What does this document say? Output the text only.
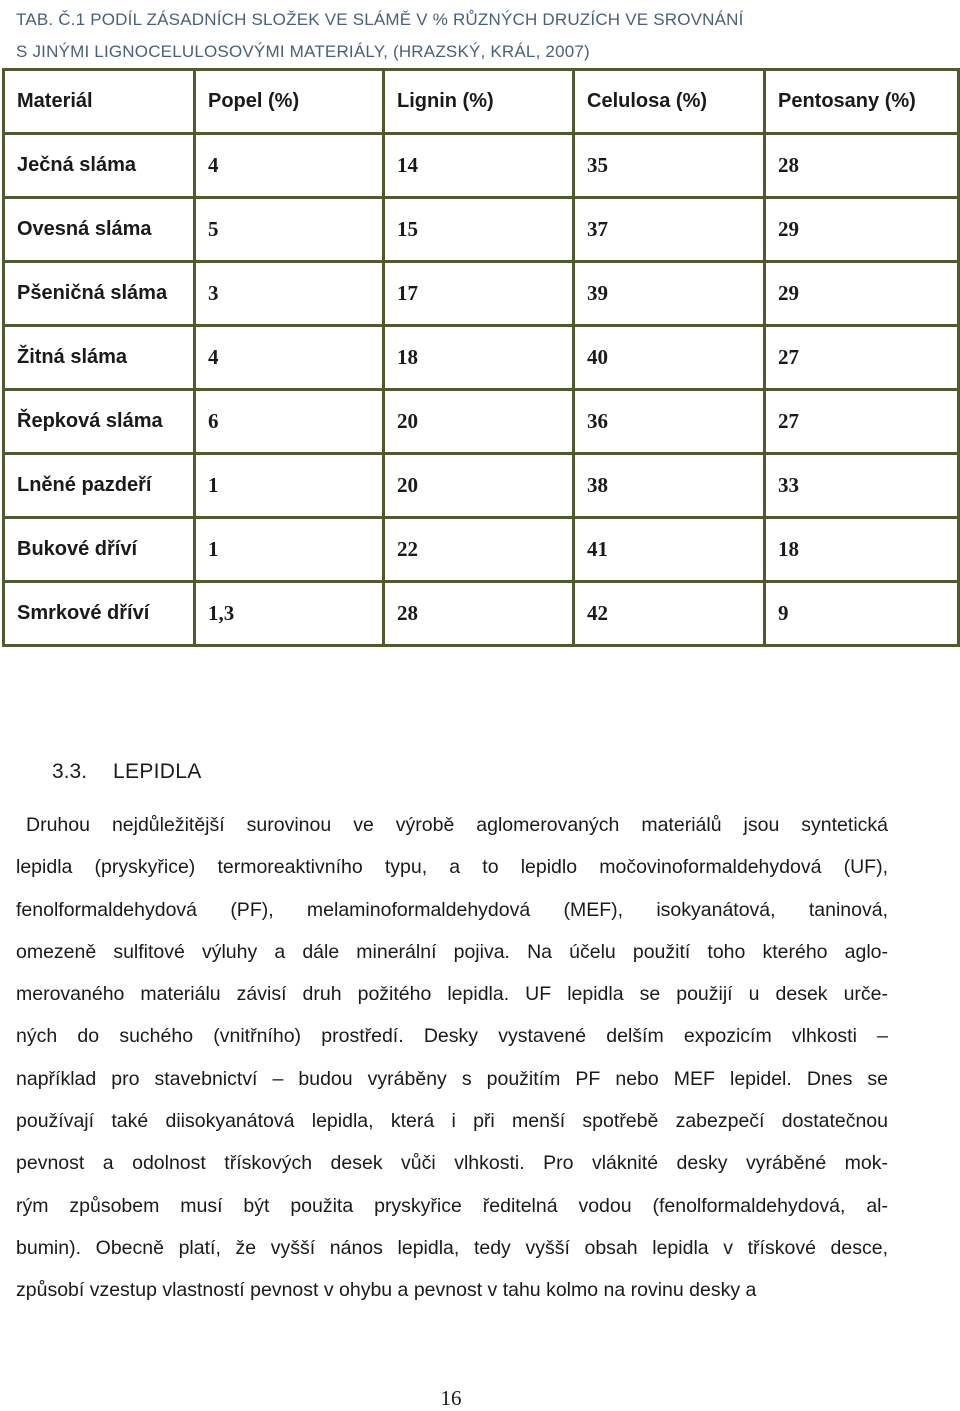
TAB. Č.1 PODÍL ZÁSADNÍCH SLOŽEK VE SLÁMĚ V % RŮZNÝCH DRUZÍCH VE SROVNÁNÍ
S JINÝMI LIGNOCELULOSOVÝMI MATERIÁLY, (HRAZSKÝ, KRÁL, 2007)
Materiál	Popel (%)	Lignin (%)	Celulosa (%)	Pentosany (%)
Ječná sláma	4	14	35	28
Ovesná sláma	5	15	37	29
Pšeničná sláma	3	17	39	29
Žitná sláma	4	18	40	27
Řepková sláma	6	20	36	27
Lněné pazdeří	1	20	38	33
Bukové dříví	1	22	41	18
Smrkové dříví	1,3	28	42	9
3.3. LEPIDLA
Druhou nejdůležitější surovinou ve výrobě aglomerovaných materiálů jsou syntetická
lepidla (pryskyřice) termoreaktivního typu, a to lepidlo močovinoformaldehydová (UF),
fenolformaldehydová (PF), melaminoformaldehydová (MEF), isokyanátová, taninová,
omezeně sulfitové výluhy a dále minerální pojiva. Na účelu použití toho kterého aglo-
merovaného materiálu závisí druh požitého lepidla. UF lepidla se použijí u desek urče-
ných do suchého (vnitřního) prostředí. Desky vystavené delším expozicím vlhkosti –
například pro stavebnictví – budou vyráběny s použitím PF nebo MEF lepidel. Dnes se
používají také diisokyanátová lepidla, která i při menší spotřebě zabezpečí dostatečnou
pevnost a odolnost třískových desek vůči vlhkosti. Pro vláknité desky vyráběné mok-
rým způsobem musí být použita pryskyřice ředitelná vodou (fenolformaldehydová, al-
bumin). Obecně platí, že vyšší nános lepidla, tedy vyšší obsah lepidla v třískové desce,
způsobí vzestup vlastností pevnost v ohybu a pevnost v tahu kolmo na rovinu desky a
16
